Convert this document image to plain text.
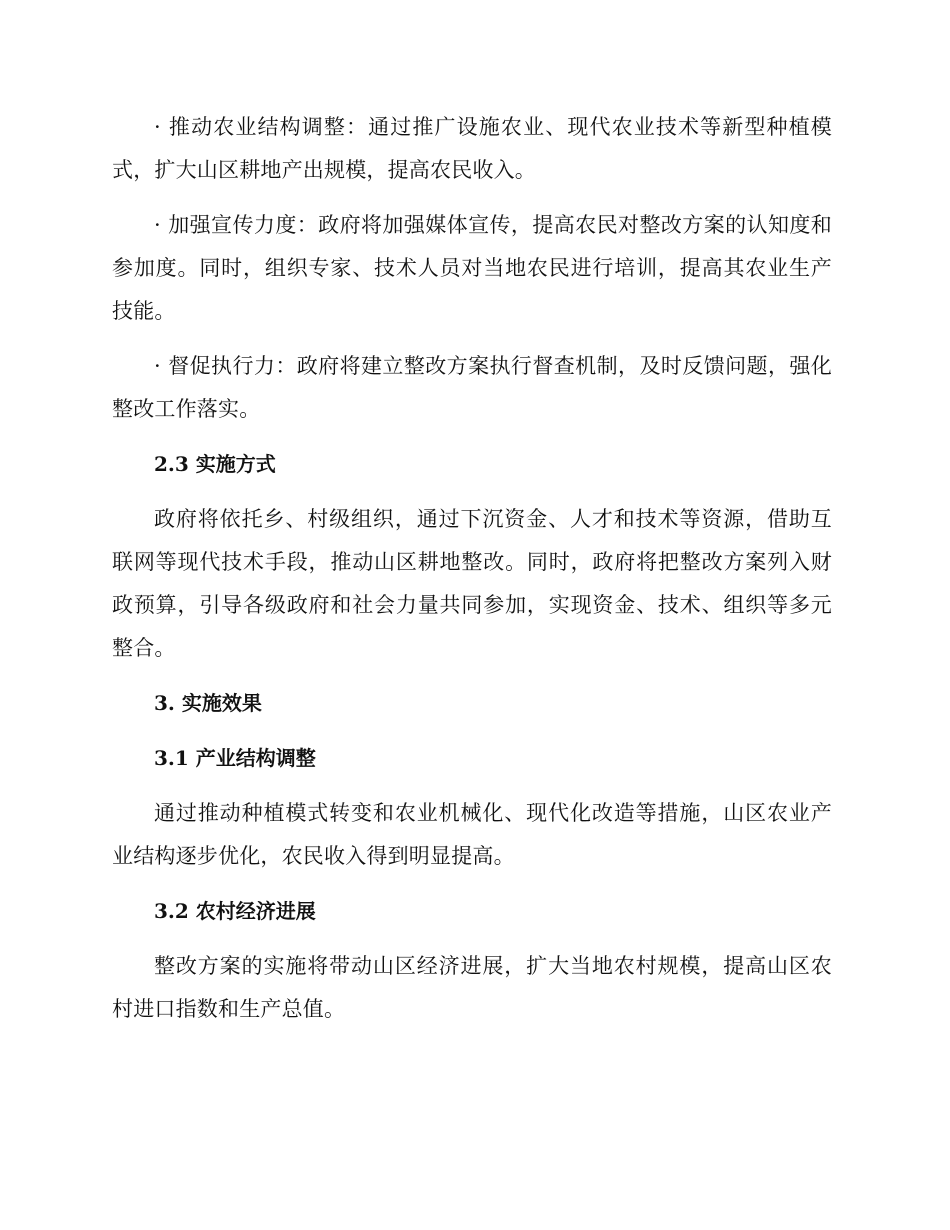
· 推动农业结构调整：通过推广设施农业、现代农业技术等新型种植模式，扩大山区耕地产出规模，提高农民收入。

· 加强宣传力度：政府将加强媒体宣传，提高农民对整改方案的认知度和参加度。同时，组织专家、技术人员对当地农民进行培训，提高其农业生产技能。

· 督促执行力：政府将建立整改方案执行督查机制，及时反馈问题，强化整改工作落实。

2.3 实施方式

政府将依托乡、村级组织，通过下沉资金、人才和技术等资源，借助互联网等现代技术手段，推动山区耕地整改。同时，政府将把整改方案列入财政预算，引导各级政府和社会力量共同参加，实现资金、技术、组织等多元整合。

3. 实施效果

3.1 产业结构调整

通过推动种植模式转变和农业机械化、现代化改造等措施，山区农业产业结构逐步优化，农民收入得到明显提高。

3.2 农村经济进展

整改方案的实施将带动山区经济进展，扩大当地农村规模，提高山区农村进口指数和生产总值。
